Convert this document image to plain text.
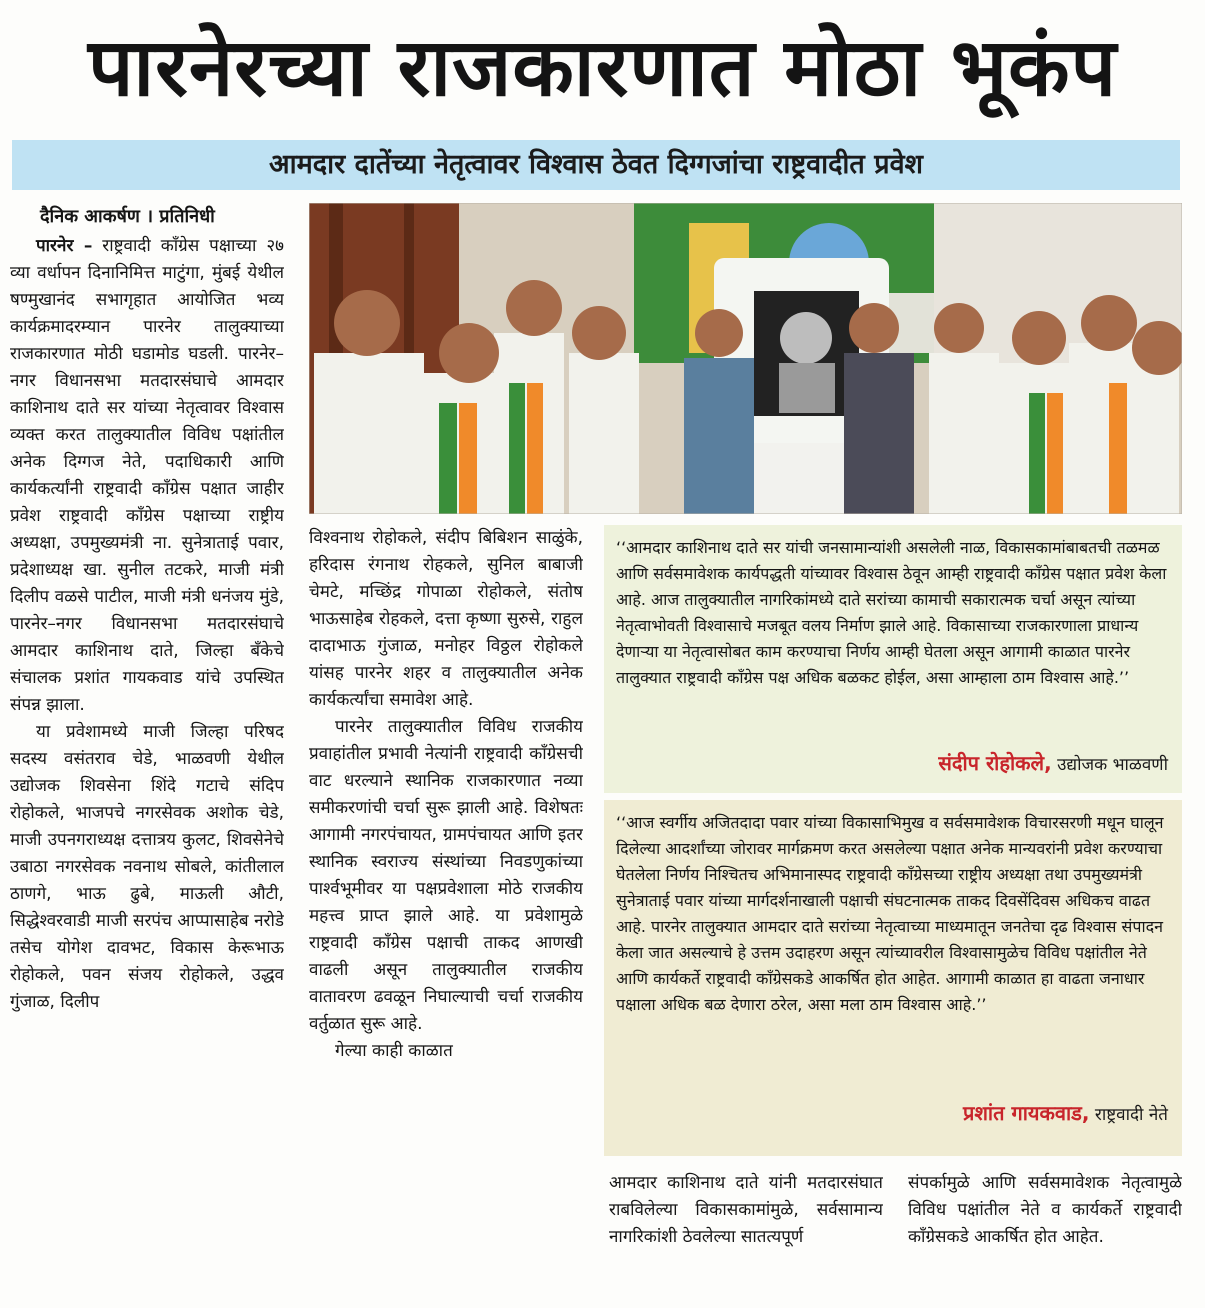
पारनेरच्या राजकारणात मोठा भूकंप
आमदार दातेंच्या नेतृत्वावर विश्वास ठेवत दिग्गजांचा राष्ट्रवादीत प्रवेश
दैनिक आकर्षण । प्रतिनिधी

पारनेर – राष्ट्रवादी काँग्रेस पक्षाच्या २७ व्या वर्धापन दिनानिमित्त माटुंगा, मुंबई येथील षण्मुखानंद सभागृहात आयोजित भव्य कार्यक्रमादरम्यान पारनेर तालुक्याच्या राजकारणात मोठी घडामोड घडली. पारनेर–नगर विधानसभा मतदारसंघाचे आमदार काशिनाथ दाते सर यांच्या नेतृत्वावर विश्वास व्यक्त करत तालुक्यातील विविध पक्षांतील अनेक दिग्गज नेते, पदाधिकारी आणि कार्यकर्त्यांनी राष्ट्रवादी काँग्रेस पक्षात जाहीर प्रवेश राष्ट्रवादी काँग्रेस पक्षाच्या राष्ट्रीय अध्यक्षा, उपमुख्यमंत्री ना. सुनेत्राताई पवार, प्रदेशाध्यक्ष खा. सुनील तटकरे, माजी मंत्री दिलीप वळसे पाटील, माजी मंत्री धनंजय मुंडे, पारनेर–नगर विधानसभा मतदारसंघाचे आमदार काशिनाथ दाते, जिल्हा बँकेचे संचालक प्रशांत गायकवाड यांचे उपस्थित संपन्न झाला.

या प्रवेशामध्ये माजी जिल्हा परिषद सदस्य वसंतराव चेडे, भाळवणी येथील उद्योजक शिवसेना शिंदे गटाचे संदिप रोहोकले, भाजपचे नगरसेवक अशोक चेडे, माजी उपनगराध्यक्ष दत्तात्रय कुलट, शिवसेनेचे उबाठा नगरसेवक नवनाथ सोबले, कांतीलाल ठाणगे, भाऊ ढुबे, माऊली औटी, सिद्धेश्वरवाडी माजी सरपंच आप्पासाहेब नरोडे तसेच योगेश दावभट, विकास केरूभाऊ रोहोकले, पवन संजय रोहोकले, उद्धव गुंजाळ, दिलीप

विश्वनाथ रोहोकले, संदीप बिबिशन साळुंके, हरिदास रंगनाथ रोहकले, सुनिल बाबाजी चेमटे, मच्छिंद्र गोपाळा रोहोकले, संतोष भाऊसाहेब रोहकले, दत्ता कृष्णा सुरुसे, राहुल दादाभाऊ गुंजाळ, मनोहर विठ्ठल रोहोकले यांसह पारनेर शहर व तालुक्यातील अनेक कार्यकर्त्यांचा समावेश आहे.

पारनेर तालुक्यातील विविध राजकीय प्रवाहांतील प्रभावी नेत्यांनी राष्ट्रवादी काँग्रेसची वाट धरल्याने स्थानिक राजकारणात नव्या समीकरणांची चर्चा सुरू झाली आहे. विशेषतः आगामी नगरपंचायत, ग्रामपंचायत आणि इतर स्थानिक स्वराज्य संस्थांच्या निवडणुकांच्या पार्श्वभूमीवर या पक्षप्रवेशाला मोठे राजकीय महत्त्व प्राप्त झाले आहे. या प्रवेशामुळे राष्ट्रवादी काँग्रेस पक्षाची ताकद आणखी वाढली असून तालुक्यातील राजकीय वातावरण ढवळून निघाल्याची चर्चा राजकीय वर्तुळात सुरू आहे.

गेल्या काही काळात

‘‘आमदार काशिनाथ दाते सर यांची जनसामान्यांशी असलेली नाळ, विकासकामांबाबतची तळमळ आणि सर्वसमावेशक कार्यपद्धती यांच्यावर विश्वास ठेवून आम्ही राष्ट्रवादी काँग्रेस पक्षात प्रवेश केला आहे. आज तालुक्यातील नागरिकांमध्ये दाते सरांच्या कामाची सकारात्मक चर्चा असून त्यांच्या नेतृत्वाभोवती विश्वासाचे मजबूत वलय निर्माण झाले आहे. विकासाच्या राजकारणाला प्राधान्य देणाऱ्या या नेतृत्वासोबत काम करण्याचा निर्णय आम्ही घेतला असून आगामी काळात पारनेर तालुक्यात राष्ट्रवादी काँग्रेस पक्ष अधिक बळकट होईल, असा आम्हाला ठाम विश्वास आहे.’’
संदीप रोहोकले, उद्योजक भाळवणी
‘‘आज स्वर्गीय अजितदादा पवार यांच्या विकासाभिमुख व सर्वसमावेशक विचारसरणी मधून घालून दिलेल्या आदर्शांच्या जोरावर मार्गक्रमण करत असलेल्या पक्षात अनेक मान्यवरांनी प्रवेश करण्याचा घेतलेला निर्णय निश्चितच अभिमानास्पद राष्ट्रवादी काँग्रेसच्या राष्ट्रीय अध्यक्षा तथा उपमुख्यमंत्री सुनेत्राताई पवार यांच्या मार्गदर्शनाखाली पक्षाची संघटनात्मक ताकद दिवसेंदिवस अधिकच वाढत आहे. पारनेर तालुक्यात आमदार दाते सरांच्या नेतृत्वाच्या माध्यमातून जनतेचा दृढ विश्वास संपादन केला जात असल्याचे हे उत्तम उदाहरण असून त्यांच्यावरील विश्वासामुळेच विविध पक्षांतील नेते आणि कार्यकर्ते राष्ट्रवादी काँग्रेसकडे आकर्षित होत आहेत. आगामी काळात हा वाढता जनाधार पक्षाला अधिक बळ देणारा ठरेल, असा मला ठाम विश्वास आहे.’’
प्रशांत गायकवाड, राष्ट्रवादी नेते

आमदार काशिनाथ दाते यांनी मतदारसंघात राबविलेल्या विकासकामांमुळे, सर्वसामान्य नागरिकांशी ठेवलेल्या सातत्यपूर्ण

संपर्कामुळे आणि सर्वसमावेशक नेतृत्वामुळे विविध पक्षांतील नेते व कार्यकर्ते राष्ट्रवादी काँग्रेसकडे आकर्षित होत आहेत.
